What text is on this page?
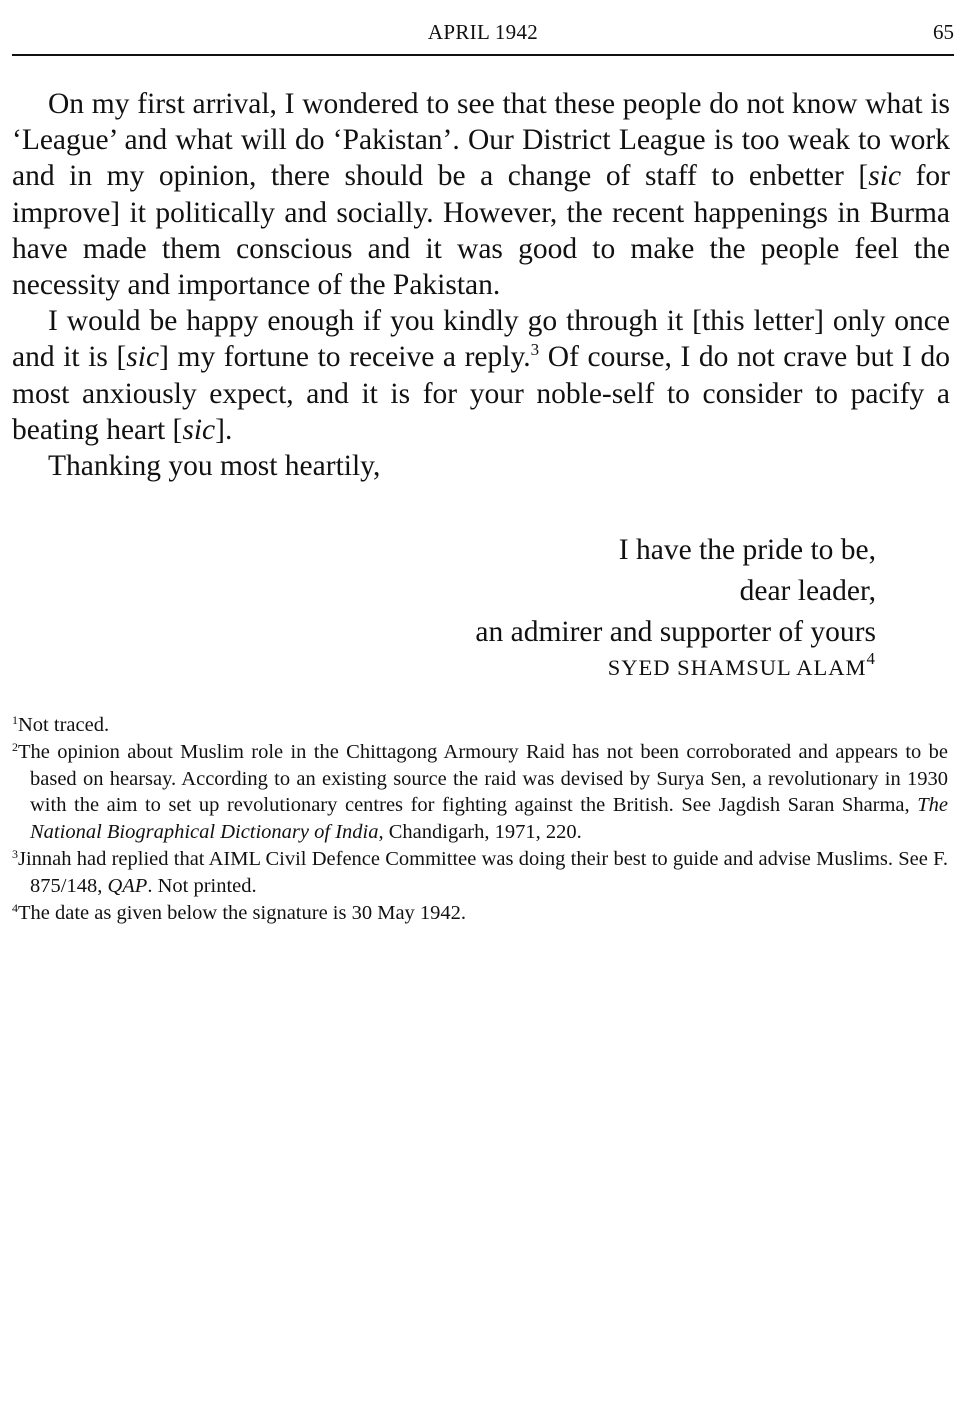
APRIL 1942	65

On my first arrival, I wondered to see that these people do not know what is ‘League’ and what will do ‘Pakistan’. Our District League is too weak to work and in my opinion, there should be a change of staff to enbetter [sic for improve] it politically and socially. However, the recent happenings in Burma have made them conscious and it was good to make the people feel the necessity and importance of the Pakistan.

I would be happy enough if you kindly go through it [this letter] only once and it is [sic] my fortune to receive a reply.$^3$ Of course, I do not crave but I do most anxiously expect, and it is for your noble-self to consider to pacify a beating heart [sic].

Thanking you most heartily,

I have the pride to be,
dear leader,
an admirer and supporter of yours
SYED SHAMSUL ALAM$^4$

$^1$Not traced.

$^2$The opinion about Muslim role in the Chittagong Armoury Raid has not been corroborated and appears to be based on hearsay. According to an existing source the raid was devised by Surya Sen, a revolutionary in 1930 with the aim to set up revolutionary centres for fighting against the British. See Jagdish Saran Sharma, The National Biographical Dictionary of India, Chandigarh, 1971, 220.

$^3$Jinnah had replied that AIML Civil Defence Committee was doing their best to guide and advise Muslims. See F. 875/148, QAP. Not printed.

$^4$The date as given below the signature is 30 May 1942.
